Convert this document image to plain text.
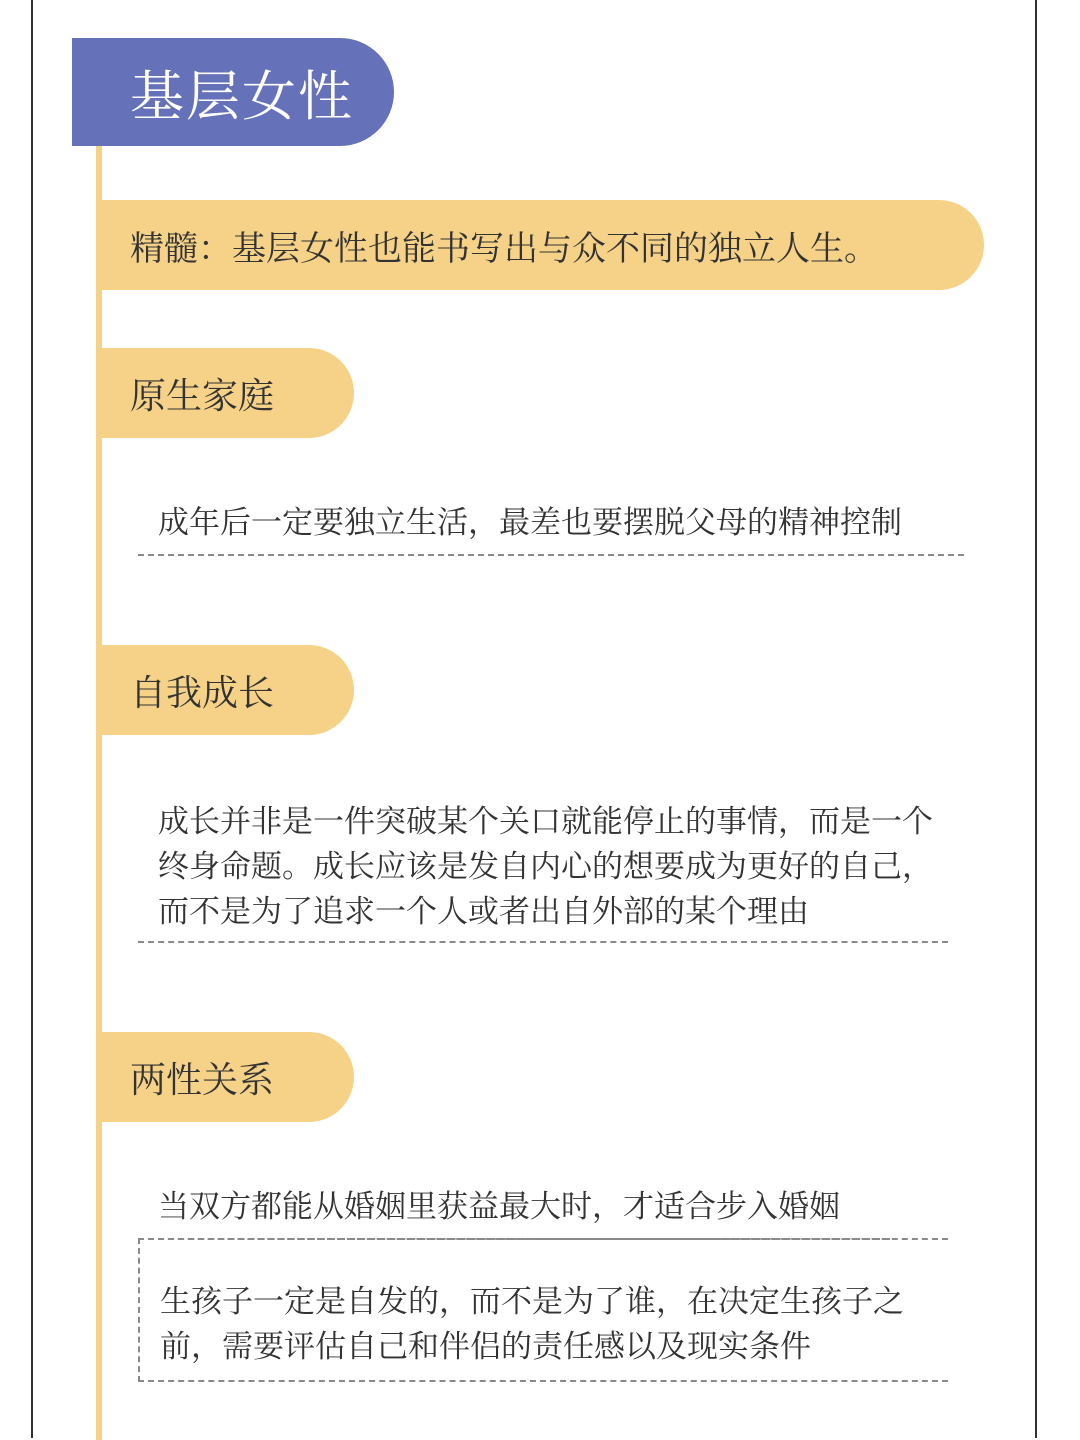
基层女性
精髓：基层女性也能书写出与众不同的独立人生。
原生家庭
成年后一定要独立生活，最差也要摆脱父母的精神控制
自我成长
成长并非是一件突破某个关口就能停止的事情，而是一个终身命题。成长应该是发自内心的想要成为更好的自己，而不是为了追求一个人或者出自外部的某个理由
两性关系
当双方都能从婚姻里获益最大时，才适合步入婚姻
生孩子一定是自发的，而不是为了谁，在决定生孩子之前，需要评估自己和伴侣的责任感以及现实条件
